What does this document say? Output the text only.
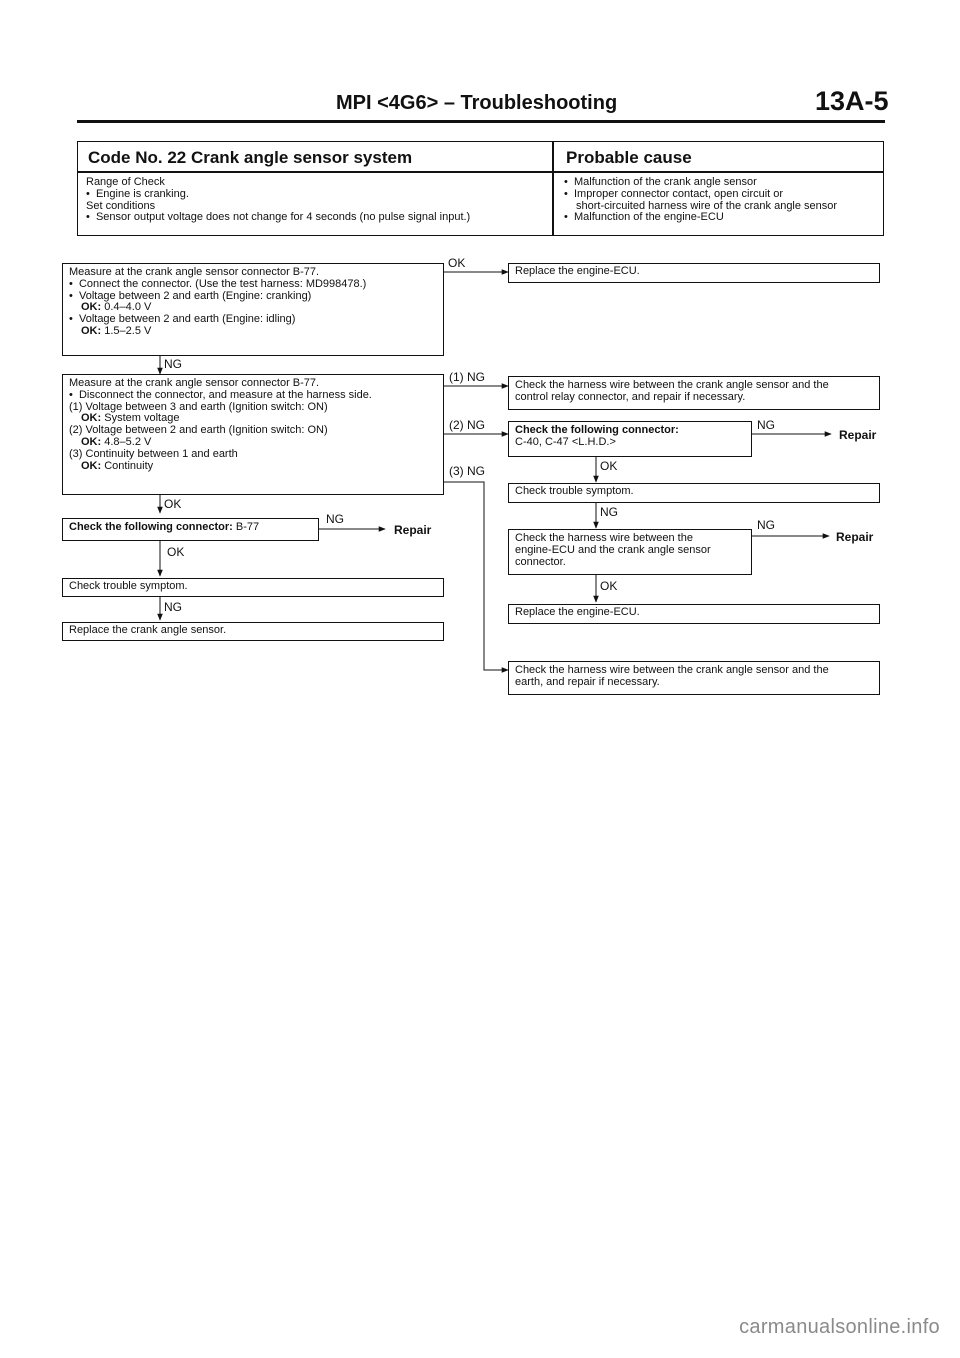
MPI <4G6> – Troubleshooting	13A-5
Code No. 22 Crank angle sensor system	Probable cause
Range of Check
•  Engine is cranking.
Set conditions
•  Sensor output voltage does not change for 4 seconds (no pulse signal input.)
•  Malfunction of the crank angle sensor
•  Improper connector contact, open circuit or
short-circuited harness wire of the crank angle sensor
•  Malfunction of the engine-ECU
Measure at the crank angle sensor connector B-77.
•  Connect the connector. (Use the test harness: MD998478.)
•  Voltage between 2 and earth (Engine: cranking)
OK: 0.4–4.0 V
•  Voltage between 2 and earth (Engine: idling)
OK: 1.5–2.5 V
Measure at the crank angle sensor connector B-77.
•  Disconnect the connector, and measure at the harness side.
(1) Voltage between 3 and earth (Ignition switch: ON)
OK: System voltage
(2) Voltage between 2 and earth (Ignition switch: ON)
OK: 4.8–5.2 V
(3) Continuity between 1 and earth
OK: Continuity
Check the following connector: B-77
Check trouble symptom.
Replace the crank angle sensor.
Replace the engine-ECU.
Check the harness wire between the crank angle sensor and the
control relay connector, and repair if necessary.
Check the following connector:
C-40, C-47 <L.H.D.>
Check trouble symptom.
Check the harness wire between the
engine-ECU and the crank angle sensor
connector.
Replace the engine-ECU.
Check the harness wire between the crank angle sensor and the
earth, and repair if necessary.
OK
NG
(1) NG
(2) NG
(3) NG
OK
NG
OK
NG
NG
OK
NG
NG
OK
Repair
Repair
Repair
carmanualsonline.info
